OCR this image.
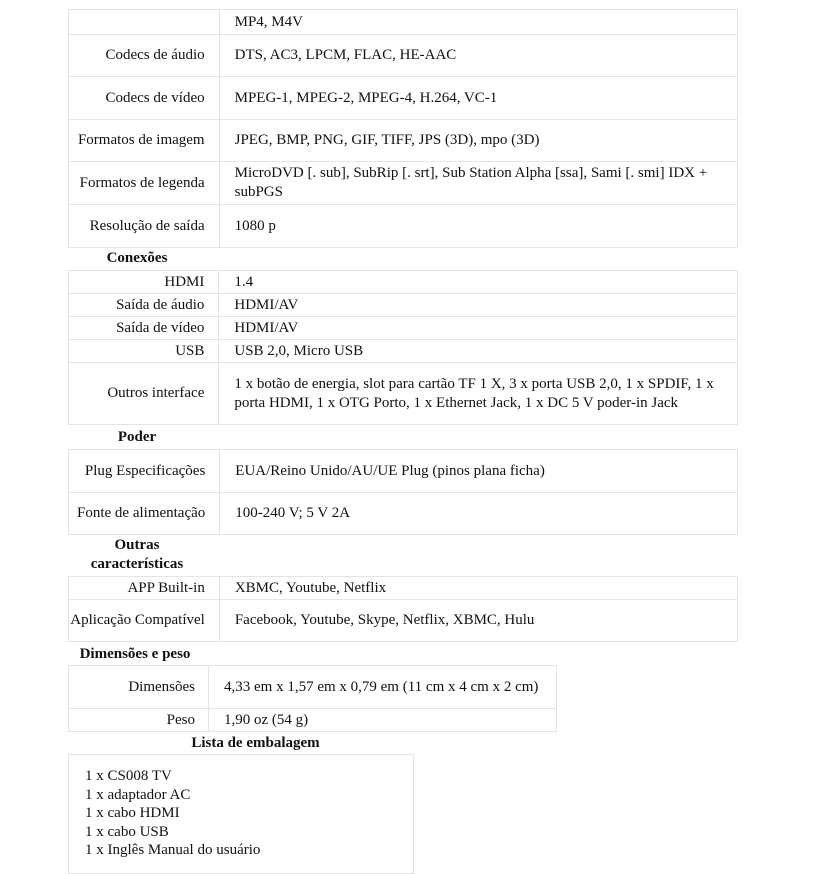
	MP4, M4V
Codecs de áudio	DTS, AC3, LPCM, FLAC, HE-AAC
Codecs de vídeo	MPEG-1, MPEG-2, MPEG-4, H.264, VC-1
Formatos de imagem	JPEG, BMP, PNG, GIF, TIFF, JPS (3D), mpo (3D)
Formatos de legenda	MicroDVD [. sub], SubRip [. srt], Sub Station Alpha [ssa], Sami [. smi] IDX + subPGS
Resolução de saída	1080 p
Conexões
HDMI	1.4
Saída de áudio	HDMI/AV
Saída de vídeo	HDMI/AV
USB	USB 2,0, Micro USB
Outros interface	1 x botão de energia, slot para cartão TF 1 X, 3 x porta USB 2,0, 1 x SPDIF, 1 x porta HDMI, 1 x OTG Porto, 1 x Ethernet Jack, 1 x DC 5 V poder-in Jack
Poder
Plug Especificações	EUA/Reino Unido/AU/UE Plug (pinos plana ficha)
Fonte de alimentação	100-240 V; 5 V 2A
Outras características
APP Built-in	XBMC, Youtube, Netflix
Aplicação Compatível	Facebook, Youtube, Skype, Netflix, XBMC, Hulu
Dimensões e peso
Dimensões	4,33 em x 1,57 em x 0,79 em (11 cm x 4 cm x 2 cm)
Peso	1,90 oz (54 g)
Lista de embalagem
1 x CS008 TV
1 x adaptador AC
1 x cabo HDMI
1 x cabo USB
1 x Inglês Manual do usuário
